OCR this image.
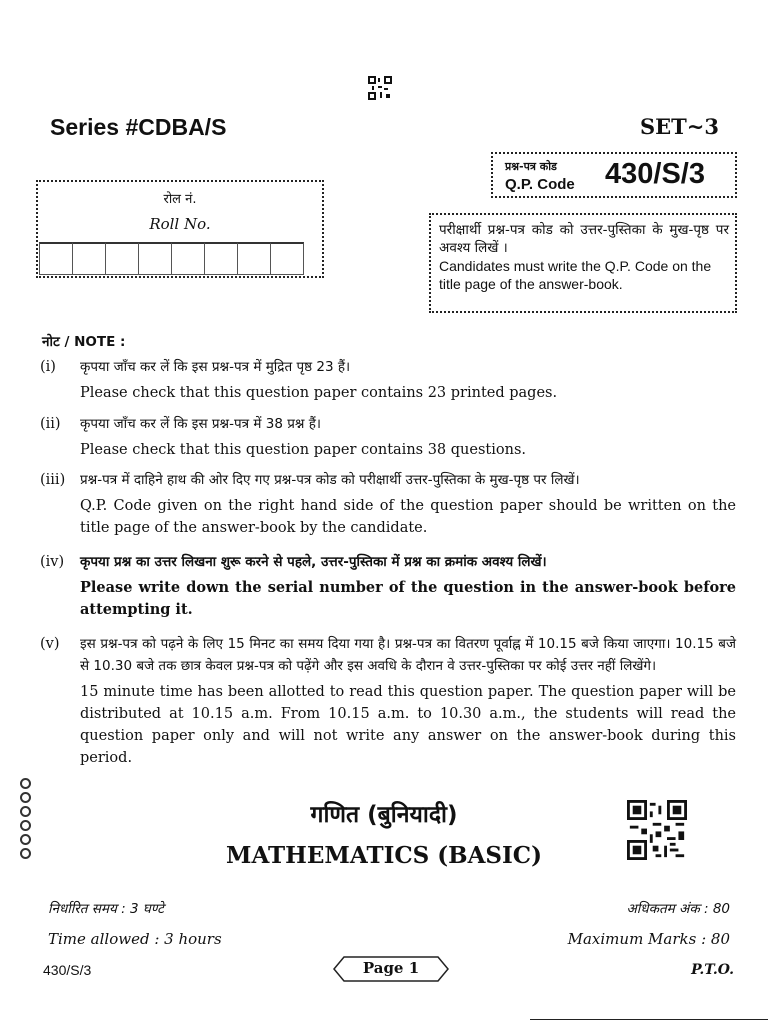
Series #CDBA/S	SET~3
प्रश्न-पत्र कोड
Q.P. Code 430/S/3
रोल नं.
Roll No.	परीक्षार्थी प्रश्न-पत्र कोड को उत्तर-पुस्तिका के मुख-पृष्ठ पर अवश्य लिखें ।
Candidates must write the Q.P. Code on the title page of the answer-book.
नोट / NOTE :
(i)	कृपया जाँच कर लें कि इस प्रश्न-पत्र में मुद्रित पृष्ठ 23 हैं।
Please check that this question paper contains 23 printed pages.
(ii)	कृपया जाँच कर लें कि इस प्रश्न-पत्र में 38 प्रश्न हैं।
Please check that this question paper contains 38 questions.
(iii)	प्रश्न-पत्र में दाहिने हाथ की ओर दिए गए प्रश्न-पत्र कोड को परीक्षार्थी उत्तर-पुस्तिका के मुख-पृष्ठ पर लिखें।
Q.P. Code given on the right hand side of the question paper should be written on the title page of the answer-book by the candidate.
(iv)	कृपया प्रश्न का उत्तर लिखना शुरू करने से पहले, उत्तर-पुस्तिका में प्रश्न का क्रमांक अवश्य लिखें।
Please write down the serial number of the question in the answer-book before attempting it.
(v)	इस प्रश्न-पत्र को पढ़ने के लिए 15 मिनट का समय दिया गया है। प्रश्न-पत्र का वितरण पूर्वाह्न में 10.15 बजे किया जाएगा। 10.15 बजे से 10.30 बजे तक छात्र केवल प्रश्न-पत्र को पढ़ेंगे और इस अवधि के दौरान वे उत्तर-पुस्तिका पर कोई उत्तर नहीं लिखेंगे।
15 minute time has been allotted to read this question paper. The question paper will be distributed at 10.15 a.m. From 10.15 a.m. to 10.30 a.m., the students will read the question paper only and will not write any answer on the answer-book during this period.
गणित (बुनियादी)
MATHEMATICS (BASIC)
निर्धारित समय : 3 घण्टे
Time allowed : 3 hours
अधिकतम अंक : 80
Maximum Marks : 80
430/S/3	Page 1	P.T.O.
